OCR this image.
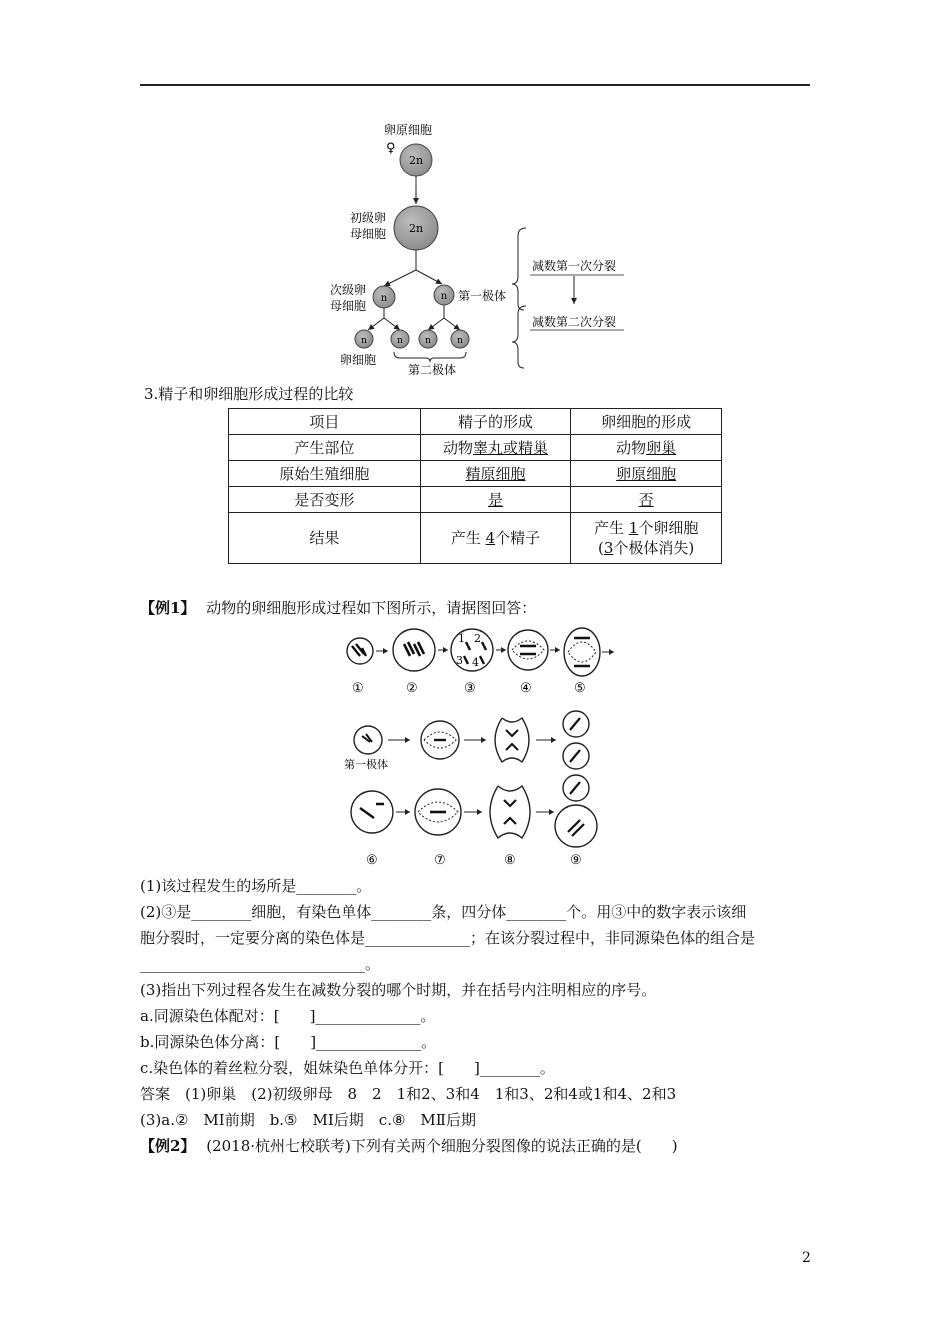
卵原细胞
♀
2n
初级卵
母细胞 2n
次级卵
母细胞
n	n 第一极体
n	n n	n
卵细胞
第二极体
减数第一次分裂
减数第二次分裂
3.精子和卵细胞形成过程的比较
项目	精子的形成	卵细胞的形成
产生部位	动物睾丸或精巢	动物卵巢
原始生殖细胞	精原细胞	卵原细胞
是否变形	是	否
结果	产生 4个精子	产生 1个卵细胞
(3个极体消失)
【例1】 动物的卵细胞形成过程如下图所示，请据图回答：
1 2
3 4
①	②	③	④	⑤
第一极体
⑥	⑦	⑧	⑨
(1)该过程发生的场所是________。
(2)③是________细胞，有染色单体________条，四分体________个。用③中的数字表示该细
胞分裂时，一定要分离的染色体是______________；在该分裂过程中，非同源染色体的组合是
______________________________。
(3)指出下列过程各发生在减数分裂的哪个时期，并在括号内注明相应的序号。
a.同源染色体配对：[　　]______________。
b.同源染色体分离：[　　]______________。
c.染色体的着丝粒分裂，姐妹染色单体分开：[　　]________。
答案　(1)卵巢　(2)初级卵母　8　2　1和2、3和4　1和3、2和4或1和4、2和3
(3)a.②　MⅠ前期　b.⑤　MⅠ后期　c.⑧　MⅡ后期
【例2】 (2018·杭州七校联考)下列有关两个细胞分裂图像的说法正确的是(　　)
2
